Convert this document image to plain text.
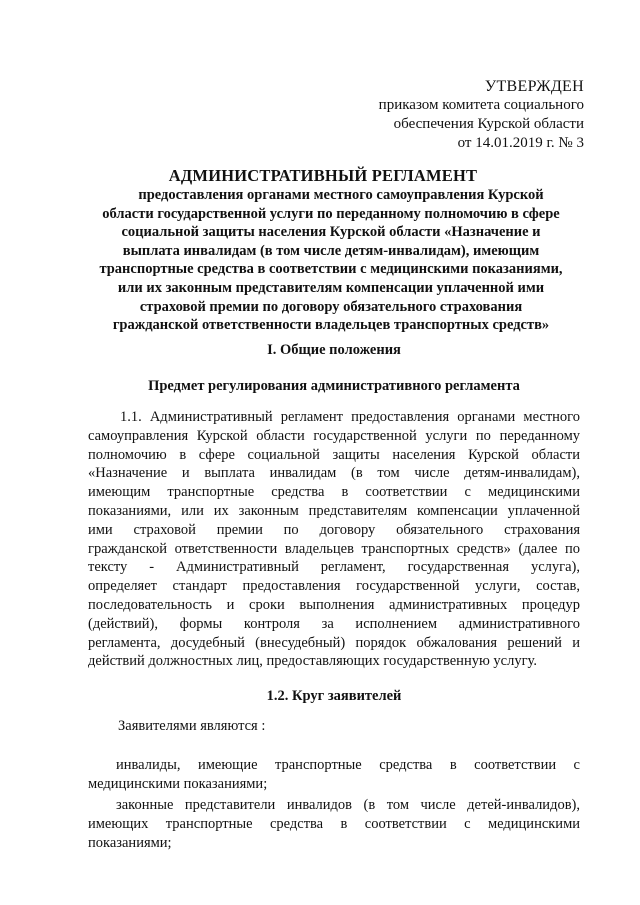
УТВЕРЖДЕН
приказом комитета социального
обеспечения Курской области
от 14.01.2019 г. № 3
АДМИНИСТРАТИВНЫЙ РЕГЛАМЕНТ
предоставления органами местного самоуправления Курской
области государственной услуги по переданному полномочию в сфере
социальной защиты населения Курской области «Назначение и
выплата инвалидам (в том числе детям-инвалидам), имеющим
транспортные средства в соответствии с медицинскими показаниями,
или их законным представителям компенсации уплаченной ими
страховой премии по договору обязательного страхования
гражданской ответственности владельцев транспортных средств»
I. Общие положения
Предмет регулирования административного регламента
1.1. Административный регламент предоставления органами местного
самоуправления Курской области государственной услуги по переданному
полномочию в сфере социальной защиты населения Курской области
«Назначение и выплата инвалидам (в том числе детям-инвалидам),
имеющим транспортные средства в соответствии с медицинскими
показаниями, или их законным представителям компенсации уплаченной
ими страховой премии по договору обязательного страхования
гражданской ответственности владельцев транспортных средств» (далее по
тексту - Административный регламент, государственная услуга),
определяет стандарт предоставления государственной услуги, состав,
последовательность и сроки выполнения административных процедур
(действий), формы контроля за исполнением административного
регламента, досудебный (внесудебный) порядок обжалования решений и
действий должностных лиц, предоставляющих государственную услугу.
1.2. Круг заявителей
Заявителями являются :
инвалиды, имеющие транспортные средства в соответствии с
медицинскими показаниями;
законные представители инвалидов (в том числе детей-инвалидов),
имеющих транспортные средства в соответствии с медицинскими
показаниями;
